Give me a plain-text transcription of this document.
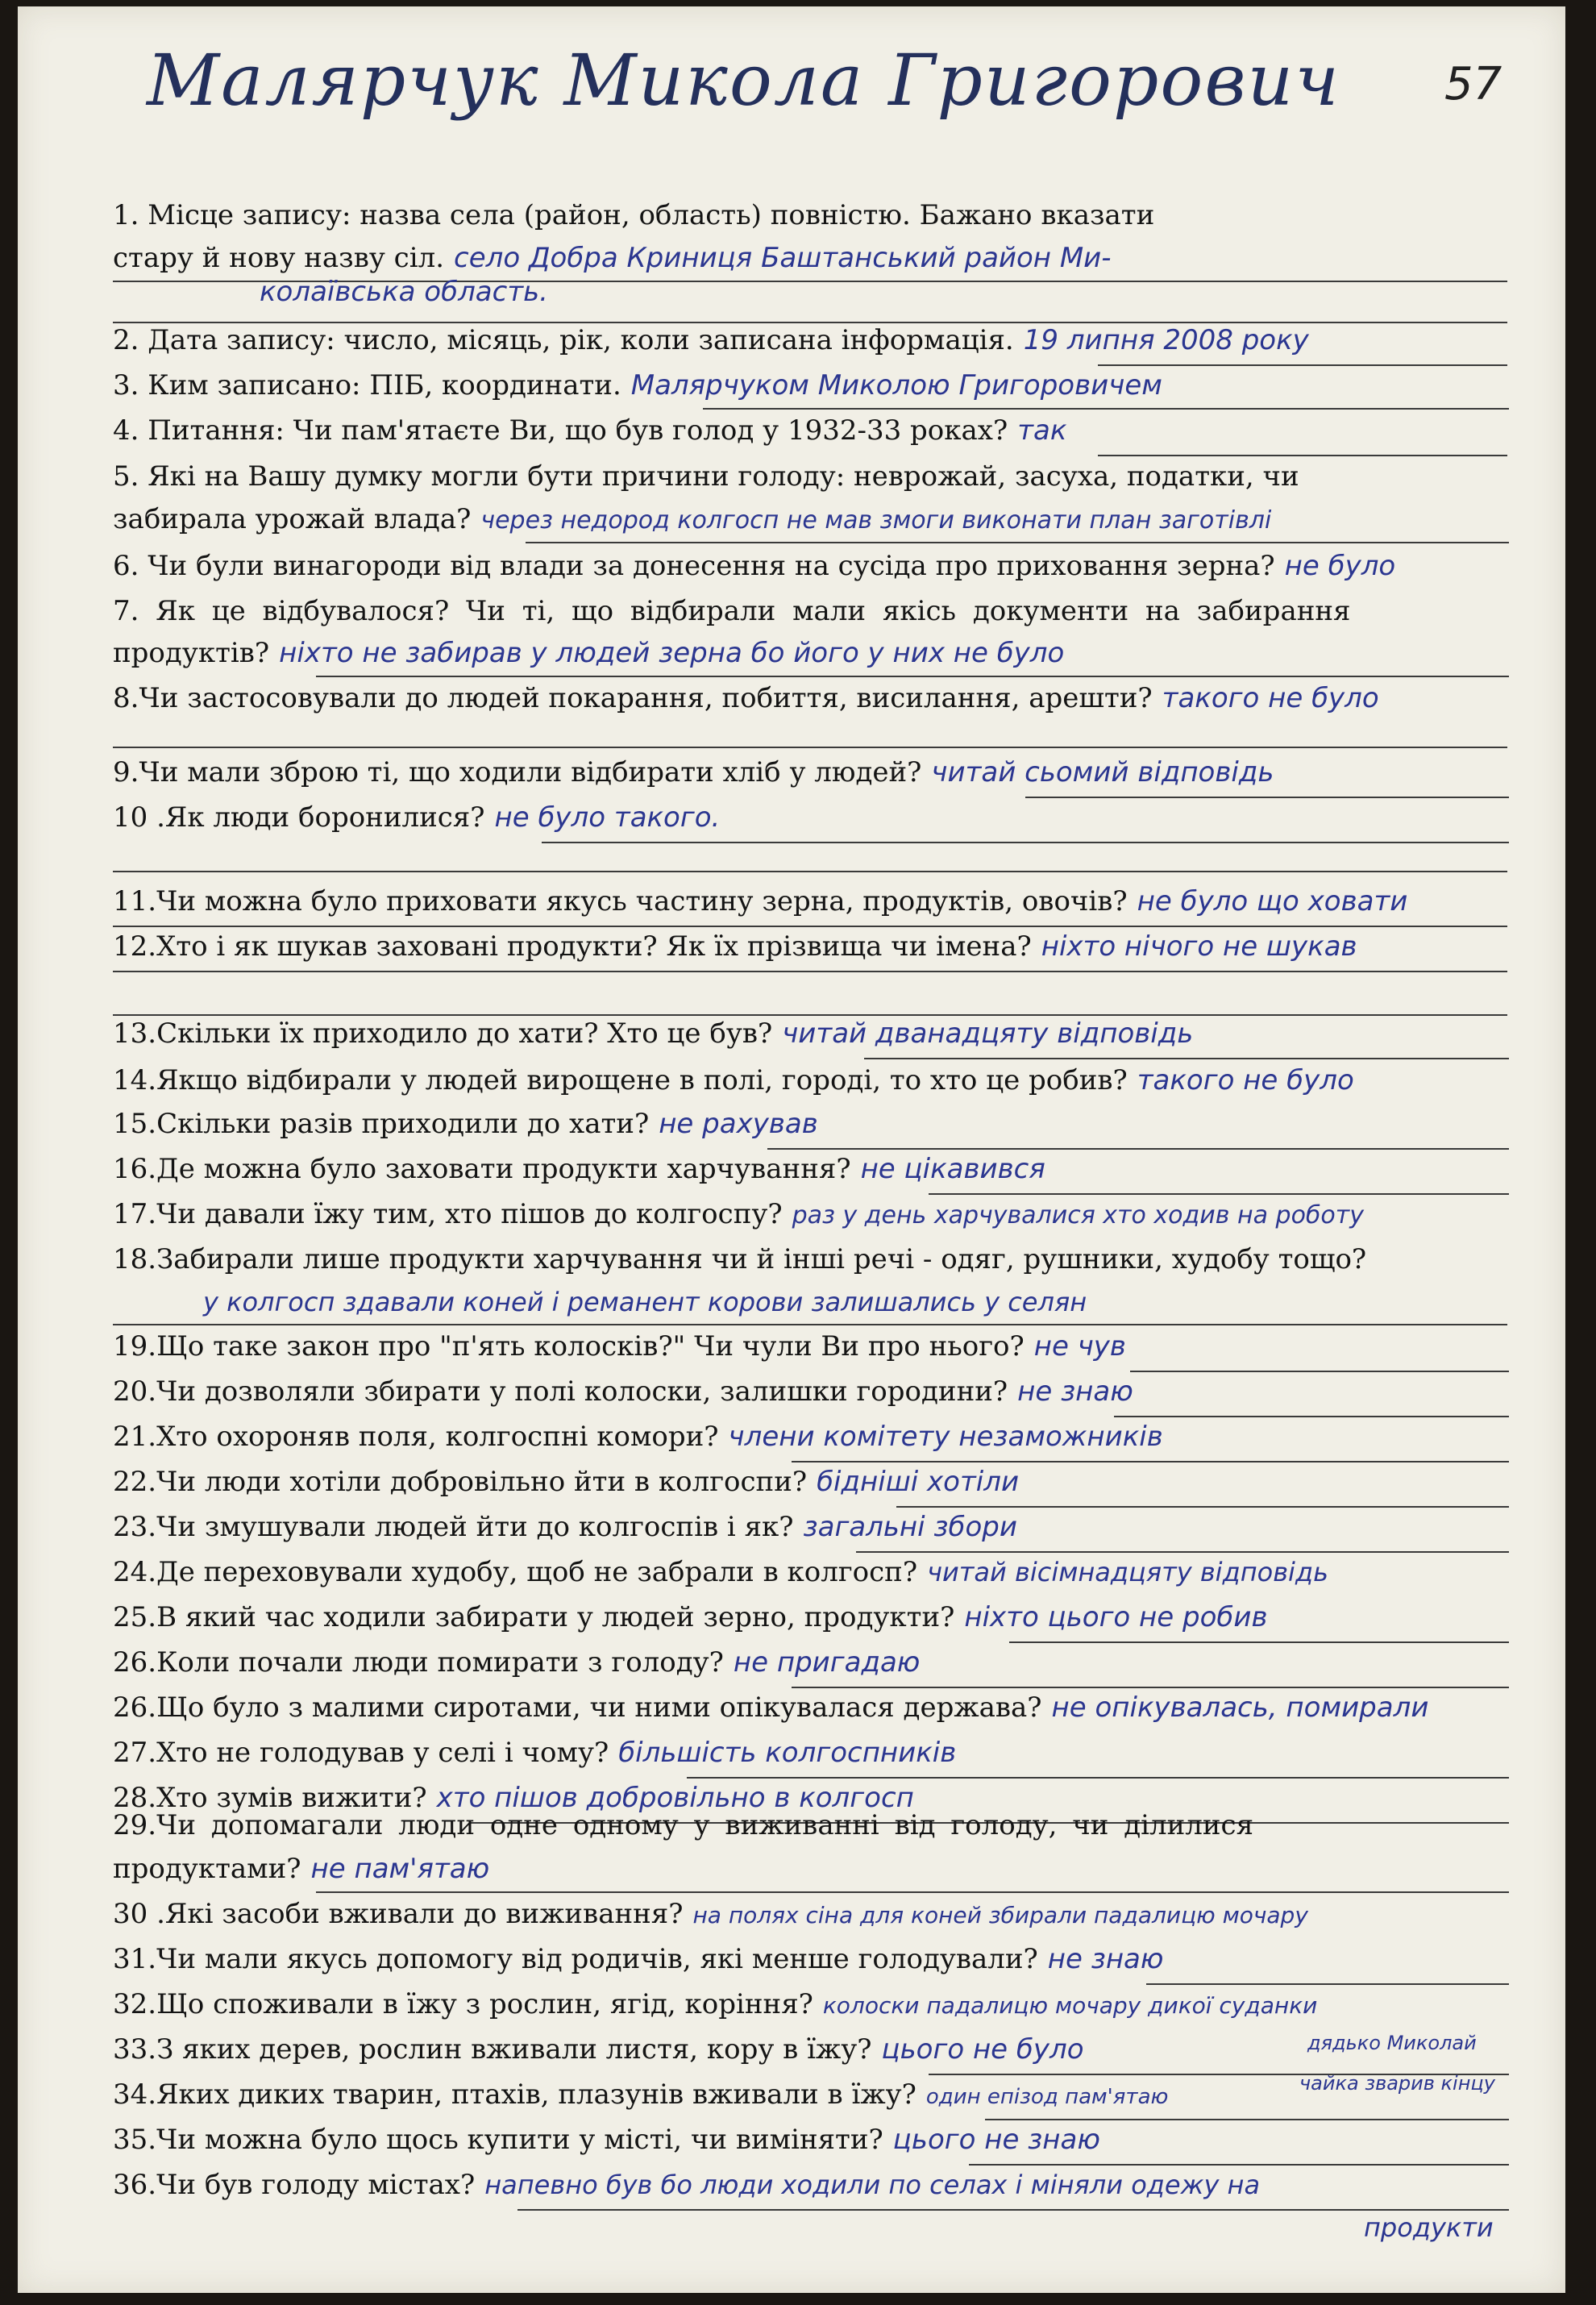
Малярчук Микола Григорович 57
1. Місце запису: назва села (район, область) повністю. Бажано вказати
стару й нову назву сіл. село Добра Криниця Баштанський район Ми-
колаївська область.
2. Дата запису: число, місяць, рік, коли записана інформація. 19 липня 2008 року
3. Ким записано: ПІБ, координати. Малярчуком Миколою Григоровичем
4. Питання: Чи пам'ятаєте Ви, що був голод у 1932-33 роках? так
5. Які на Вашу думку могли бути причини голоду: неврожай, засуха, податки, чи
забирала урожай влада? через недород колгосп не мав змоги виконати план заготівлі
6. Чи були винагороди від влади за донесення на сусіда про приховання зерна? не було
7. Як це відбувалося? Чи ті, що відбирали мали якісь документи на забирання
продуктів? ніхто не забирав у людей зерна бо його у них не було
8.Чи застосовували до людей покарання, побиття, висилання, арешти? такого не було
9.Чи мали зброю ті, що ходили відбирати хліб у людей? читай сьомий відповідь
10 .Як люди боронилися? не було такого.
11.Чи можна було приховати якусь частину зерна, продуктів, овочів? не було що ховати
12.Хто і як шукав заховані продукти? Як їх прізвища чи імена? ніхто нічого не шукав
13.Скільки їх приходило до хати? Хто це був? читай дванадцяту відповідь
14.Якщо відбирали у людей вирощене в полі, городі, то хто це робив? такого не було
15.Скільки разів приходили до хати? не рахував
16.Де можна було заховати продукти харчування? не цікавився
17.Чи давали їжу тим, хто пішов до колгоспу? раз у день харчувалися хто ходив на роботу
18.Забирали лише продукти харчування чи й інші речі - одяг, рушники, худобу тощо?
у колгосп здавали коней і реманент корови залишались у селян
19.Що таке закон про "п'ять колосків?" Чи чули Ви про нього? не чув
20.Чи дозволяли збирати у полі колоски, залишки городини? не знаю
21.Хто охороняв поля, колгоспні комори? члени комітету незаможників
22.Чи люди хотіли добровільно йти в колгоспи? бідніші хотіли
23.Чи змушували людей йти до колгоспів і як? загальні збори
24.Де переховували худобу, щоб не забрали в колгосп? читай вісімнадцяту відповідь
25.В який час ходили забирати у людей зерно, продукти? ніхто цього не робив
26.Коли почали люди помирати з голоду? не пригадаю
26.Що було з малими сиротами, чи ними опікувалася держава? не опікувалась, помирали
27.Хто не голодував у селі і чому? більшість колгоспників
28.Хто зумів вижити? хто пішов добровільно в колгосп
29.Чи допомагали люди одне одному у виживанні від голоду, чи ділилися
продуктами? не пам'ятаю
30 .Які засоби вживали до виживання? на полях сіна для коней збирали падалицю мочару
31.Чи мали якусь допомогу від родичів, які менше голодували? не знаю
32.Що споживали в їжу з рослин, ягід, коріння? колоски падалицю мочару дикої суданки
33.З яких дерев, рослин вживали листя, кору в їжу? цього не було	дядько Миколай
34.Яких диких тварин, птахів, плазунів вживали в їжу? один епізод пам'ятаю
чайка зварив кінцу
35.Чи можна було щось купити у місті, чи виміняти? цього не знаю
36.Чи був голоду містах? напевно був бо люди ходили по селах і міняли одежу на
продукти
